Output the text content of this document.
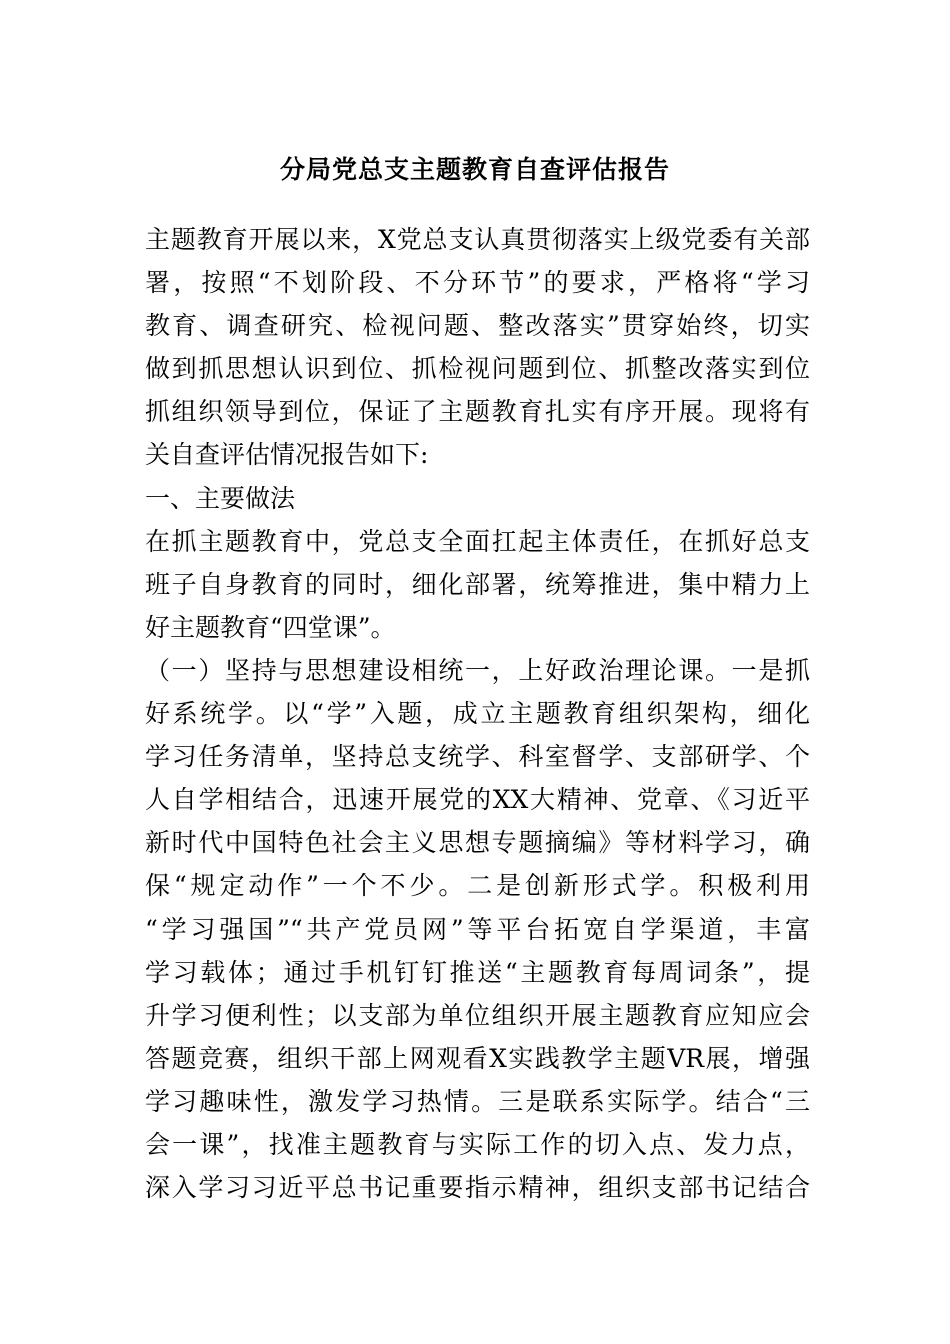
分局党总支主题教育自查评估报告
主题教育开展以来，X党总支认真贯彻落实上级党委有关部
署，按照“不划阶段、不分环节”的要求，严格将“学习
教育、调查研究、检视问题、整改落实”贯穿始终，切实
做到抓思想认识到位、抓检视问题到位、抓整改落实到位
抓组织领导到位，保证了主题教育扎实有序开展。现将有
关自查评估情况报告如下:
一、主要做法
在抓主题教育中，党总支全面扛起主体责任，在抓好总支
班子自身教育的同时，细化部署，统筹推进，集中精力上
好主题教育“四堂课”。
（一）坚持与思想建设相统一，上好政治理论课。一是抓
好系统学。以“学”入题，成立主题教育组织架构，细化
学习任务清单，坚持总支统学、科室督学、支部研学、个
人自学相结合，迅速开展党的XX大精神、党章、《习近平
新时代中国特色社会主义思想专题摘编》等材料学习，确
保“规定动作”一个不少。二是创新形式学。积极利用
“学习强国”“共产党员网”等平台拓宽自学渠道，丰富
学习载体；通过手机钉钉推送“主题教育每周词条”，提
升学习便利性；以支部为单位组织开展主题教育应知应会
答题竞赛，组织干部上网观看X实践教学主题VR展，增强
学习趣味性，激发学习热情。三是联系实际学。结合“三
会一课”，找准主题教育与实际工作的切入点、发力点，
深入学习习近平总书记重要指示精神，组织支部书记结合
